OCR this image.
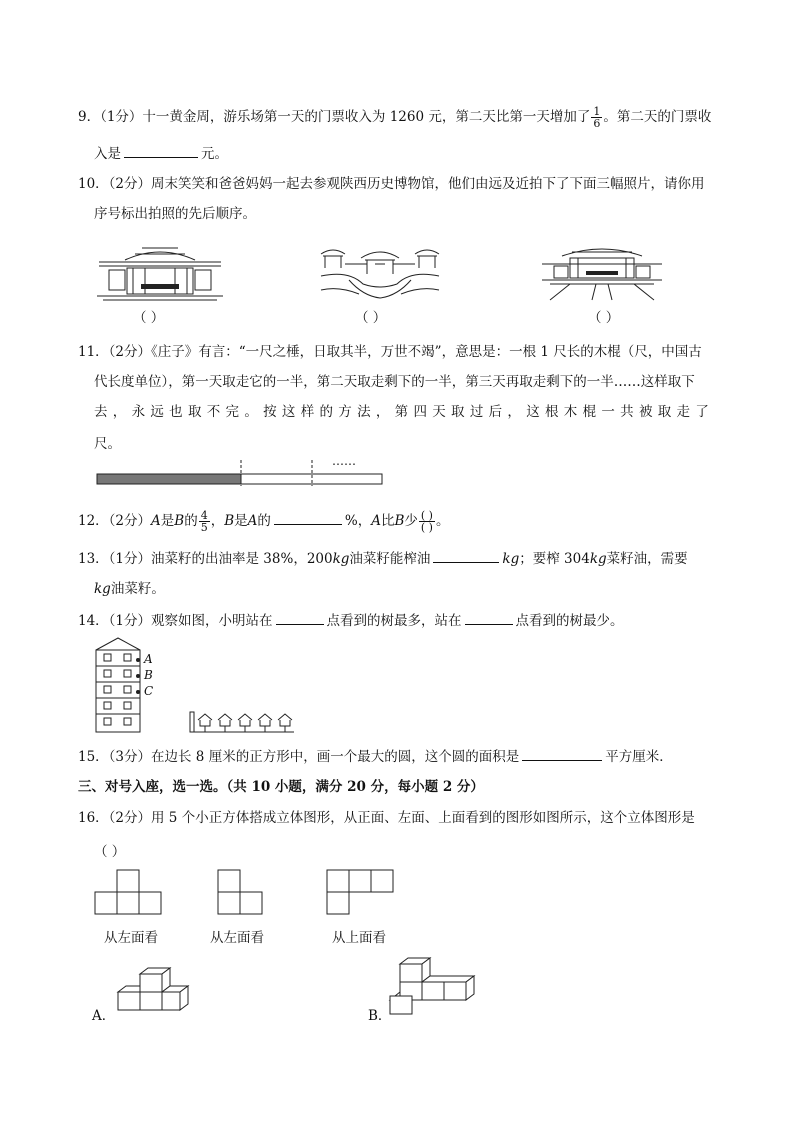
9．（1分）十一黄金周，游乐场第一天的门票收入为 1260 元，第二天比第一天增加了 $\frac{1}{6}$ 。第二天的门票收
入是	元。
10．（2分）周末笑笑和爸爸妈妈一起去参观陕西历史博物馆，他们由远及近拍下了下面三幅照片，请你用
序号标出拍照的先后顺序。
（ ）	（ ）	（ ）
11．（2分）《庄子》有言：“一尺之棰，日取其半，万世不竭”，意思是：一根 1 尺长的木棍（尺，中国古
代长度单位），第一天取走它的一半，第二天取走剩下的一半，第三天再取走剩下的一半……这样取下
去 ， 永 远 也 取 不 完 。 按 这 样 的 方 法 ， 第 四 天 取 过 后 ， 这 根 木 棍 一 共 被 取 走 了
尺。
……
12．（2分）A是B的 $\frac{4}{5}$ ，B是A的	%，A比B少 $\frac{( )}{( )}$ 。
13．（1分）油菜籽的出油率是 38%，200kg油菜籽能榨油	kg；要榨 304kg菜籽油，需要
kg油菜籽。
14．（1分）观察如图，小明站在	点看到的树最多，站在	点看到的树最少。
A
B
C
15．（3分）在边长 8 厘米的正方形中，画一个最大的圆，这个圆的面积是	平方厘米．
三、对号入座，选一选。（共 10 小题，满分 20 分，每小题 2 分）
16．（2分）用 5 个小正方体搭成立体图形，从正面、左面、上面看到的图形如图所示，这个立体图形是
（ ）
从左面看	从左面看	从上面看
A．	B．
